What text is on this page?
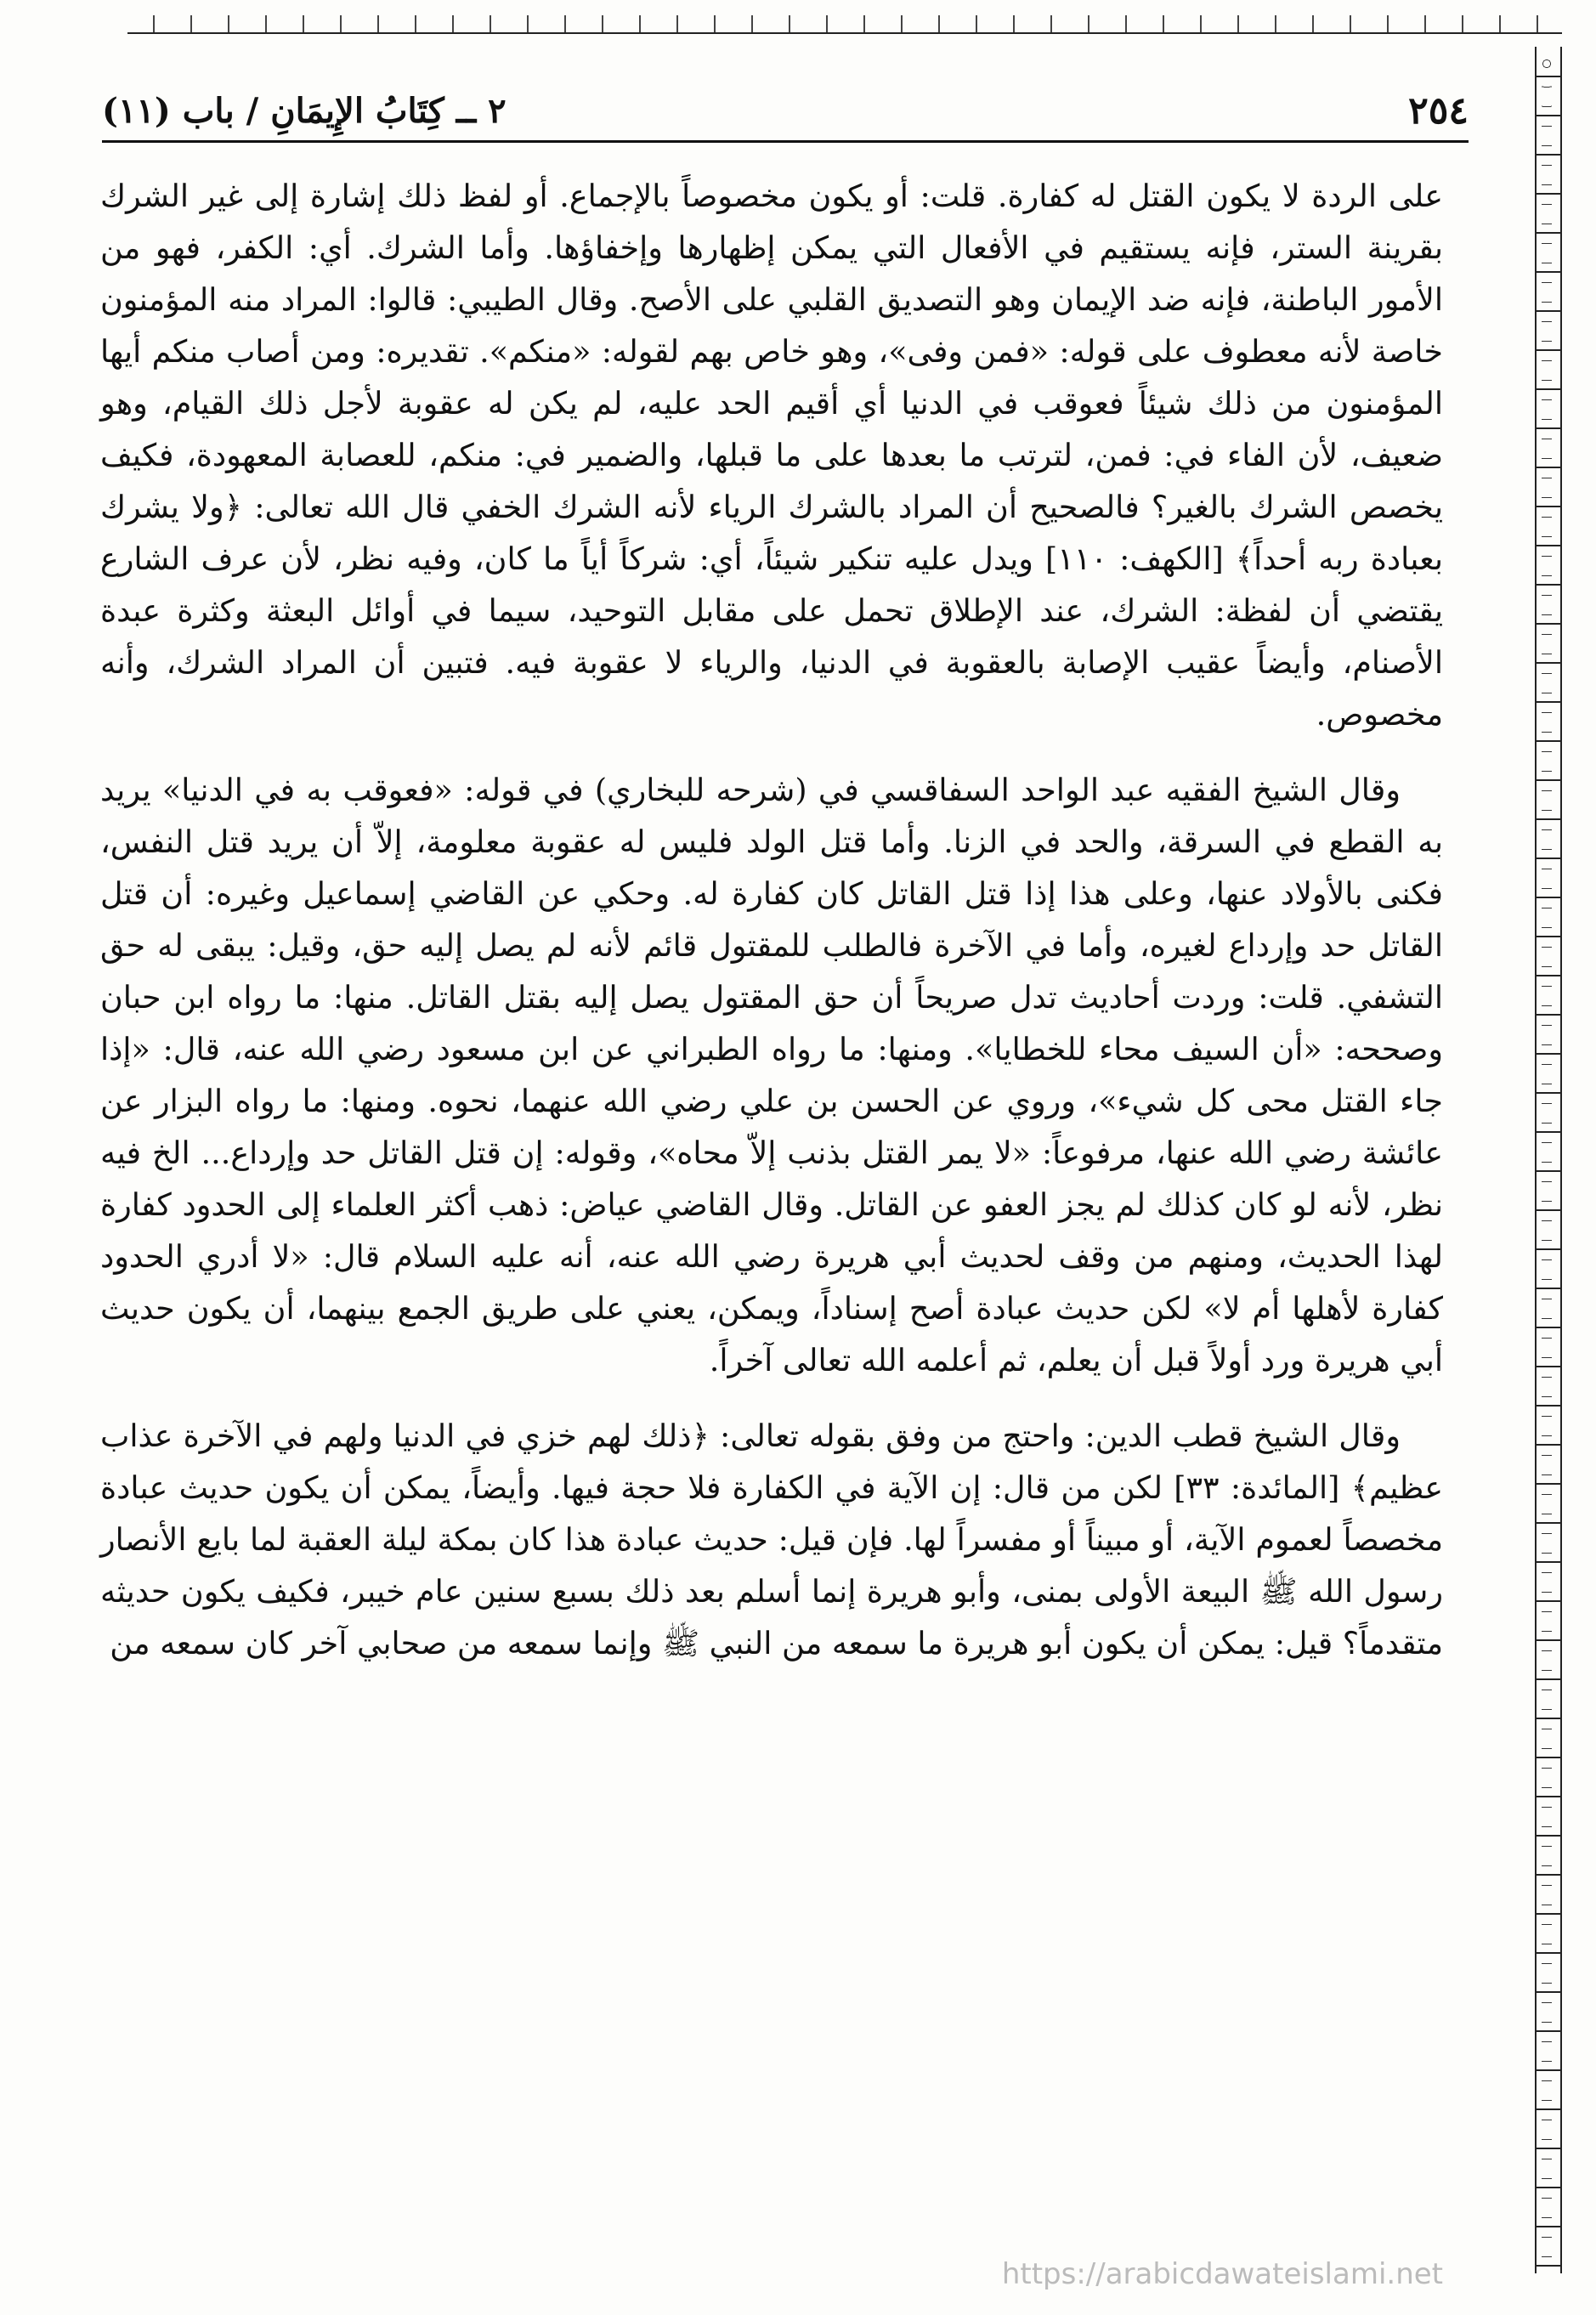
٢٥٤
٢ ــ كِتَابُ الإِيمَانِ / باب (١١)

على الردة لا يكون القتل له كفارة. قلت: أو يكون مخصوصاً بالإجماع. أو لفظ ذلك إشارة إلى غير الشرك بقرينة الستر، فإنه يستقيم في الأفعال التي يمكن إظهارها وإخفاؤها. وأما الشرك. أي: الكفر، فهو من الأمور الباطنة، فإنه ضد الإيمان وهو التصديق القلبي على الأصح. وقال الطيبي: قالوا: المراد منه المؤمنون خاصة لأنه معطوف على قوله: «فمن وفى»، وهو خاص بهم لقوله: «منكم». تقديره: ومن أصاب منكم أيها المؤمنون من ذلك شيئاً فعوقب في الدنيا أي أقيم الحد عليه، لم يكن له عقوبة لأجل ذلك القيام، وهو ضعيف، لأن الفاء في: فمن، لترتب ما بعدها على ما قبلها، والضمير في: منكم، للعصابة المعهودة، فكيف يخصص الشرك بالغير؟ فالصحيح أن المراد بالشرك الرياء لأنه الشرك الخفي قال الله تعالى: ﴿ولا يشرك بعبادة ربه أحداً﴾ [الكهف: ١١٠] ويدل عليه تنكير شيئاً، أي: شركاً أياً ما كان، وفيه نظر، لأن عرف الشارع يقتضي أن لفظة: الشرك، عند الإطلاق تحمل على مقابل التوحيد، سيما في أوائل البعثة وكثرة عبدة الأصنام، وأيضاً عقيب الإصابة بالعقوبة في الدنيا، والرياء لا عقوبة فيه. فتبين أن المراد الشرك، وأنه مخصوص.

وقال الشيخ الفقيه عبد الواحد السفاقسي في (شرحه للبخاري) في قوله: «فعوقب به في الدنيا» يريد به القطع في السرقة، والحد في الزنا. وأما قتل الولد فليس له عقوبة معلومة، إلاّ أن يريد قتل النفس، فكنى بالأولاد عنها، وعلى هذا إذا قتل القاتل كان كفارة له. وحكي عن القاضي إسماعيل وغيره: أن قتل القاتل حد وإرداع لغيره، وأما في الآخرة فالطلب للمقتول قائم لأنه لم يصل إليه حق، وقيل: يبقى له حق التشفي. قلت: وردت أحاديث تدل صريحاً أن حق المقتول يصل إليه بقتل القاتل. منها: ما رواه ابن حبان وصححه: «أن السيف محاء للخطايا». ومنها: ما رواه الطبراني عن ابن مسعود رضي الله عنه، قال: «إذا جاء القتل محى كل شيء»، وروي عن الحسن بن علي رضي الله عنهما، نحوه. ومنها: ما رواه البزار عن عائشة رضي الله عنها، مرفوعاً: «لا يمر القتل بذنب إلاّ محاه»، وقوله: إن قتل القاتل حد وإرداع... الخ فيه نظر، لأنه لو كان كذلك لم يجز العفو عن القاتل. وقال القاضي عياض: ذهب أكثر العلماء إلى الحدود كفارة لهذا الحديث، ومنهم من وقف لحديث أبي هريرة رضي الله عنه، أنه عليه السلام قال: «لا أدري الحدود كفارة لأهلها أم لا» لكن حديث عبادة أصح إسناداً، ويمكن، يعني على طريق الجمع بينهما، أن يكون حديث أبي هريرة ورد أولاً قبل أن يعلم، ثم أعلمه الله تعالى آخراً.

وقال الشيخ قطب الدين: واحتج من وفق بقوله تعالى: ﴿ذلك لهم خزي في الدنيا ولهم في الآخرة عذاب عظيم﴾ [المائدة: ٣٣] لكن من قال: إن الآية في الكفارة فلا حجة فيها. وأيضاً، يمكن أن يكون حديث عبادة مخصصاً لعموم الآية، أو مبيناً أو مفسراً لها. فإن قيل: حديث عبادة هذا كان بمكة ليلة العقبة لما بايع الأنصار رسول الله ﷺ البيعة الأولى بمنى، وأبو هريرة إنما أسلم بعد ذلك بسبع سنين عام خيبر، فكيف يكون حديثه متقدماً؟ قيل: يمكن أن يكون أبو هريرة ما سمعه من النبي ﷺ وإنما سمعه من صحابي آخر كان سمعه من

https://arabicdawateislami.net
